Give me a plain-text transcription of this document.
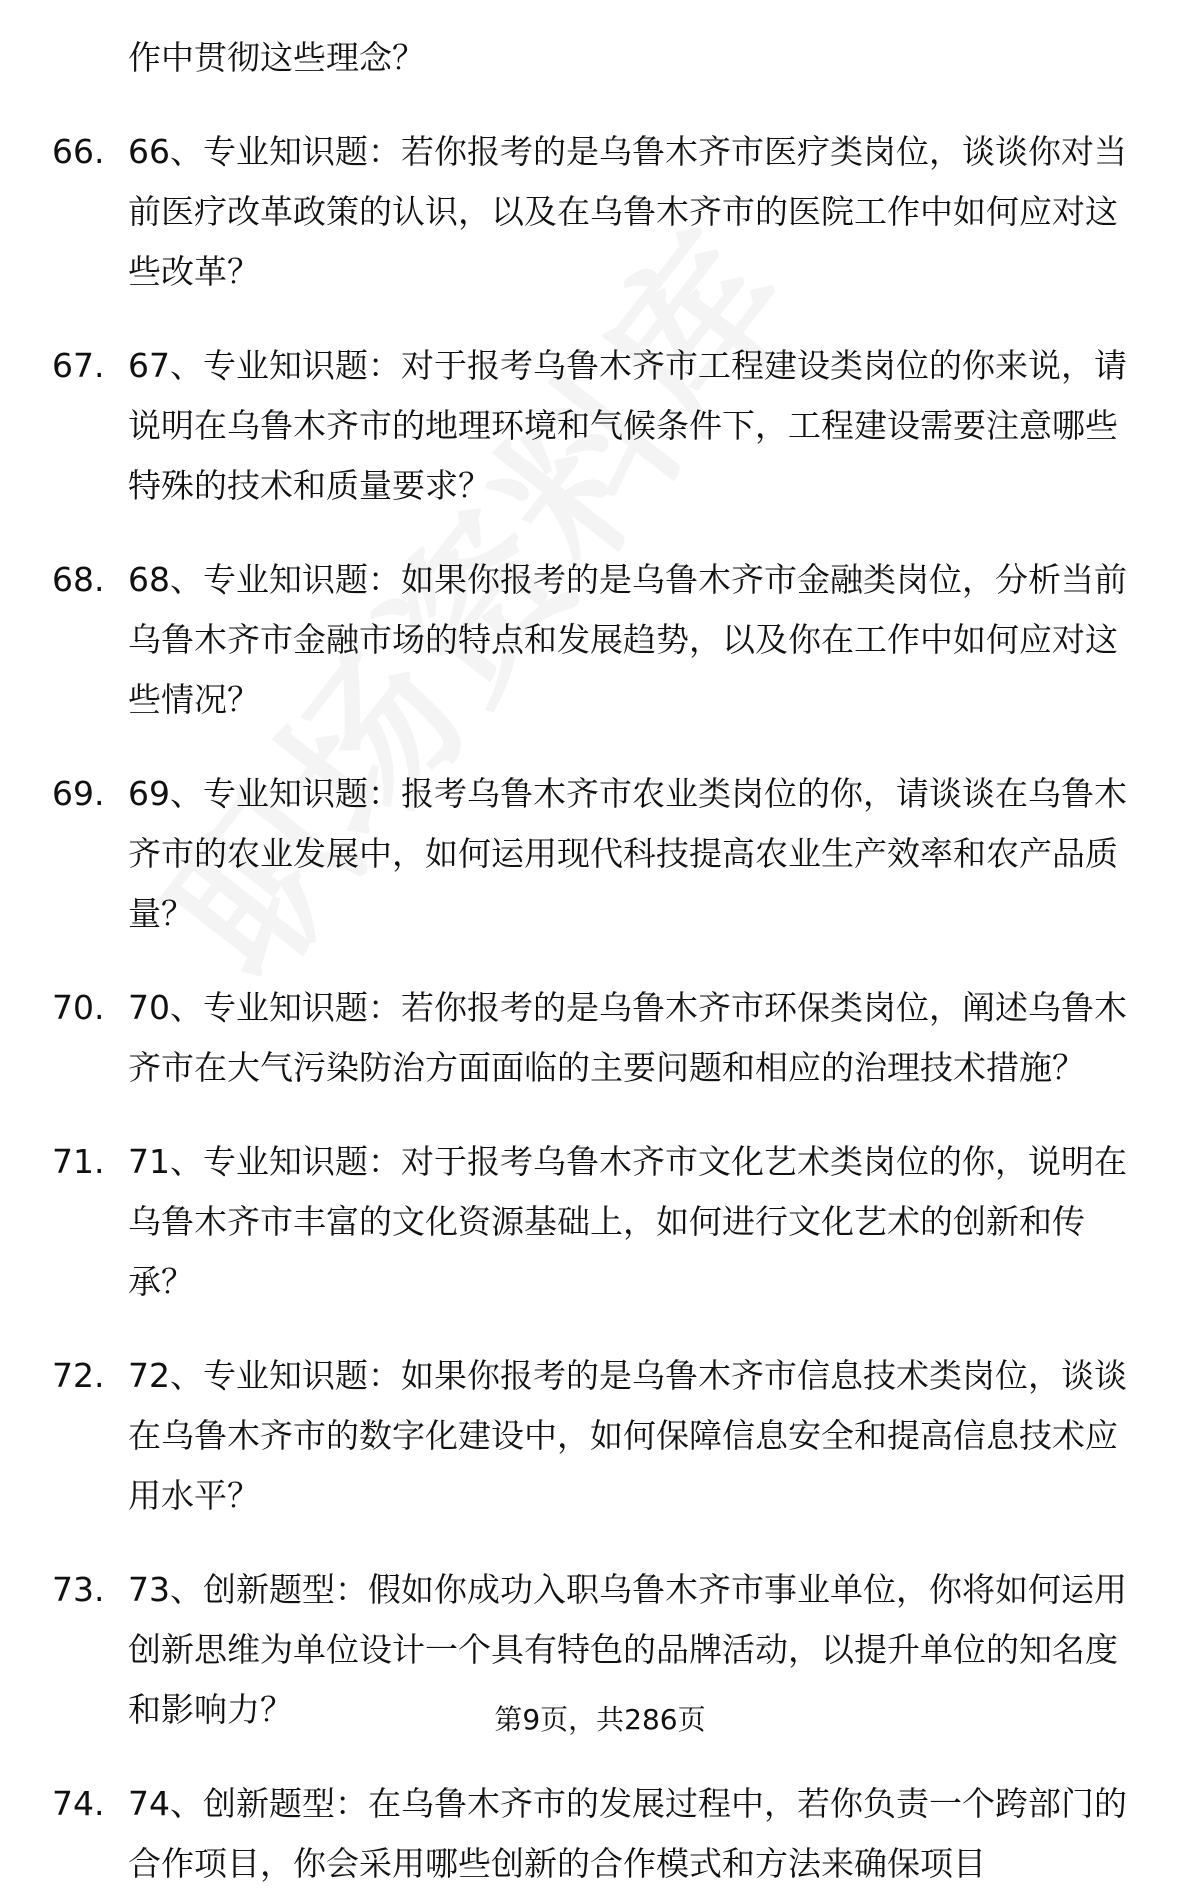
作中贯彻这些理念？
66. 66、专业知识题：若你报考的是乌鲁木齐市医疗类岗位，谈谈你对当前医疗改革政策的认识，以及在乌鲁木齐市的医院工作中如何应对这些改革？
67. 67、专业知识题：对于报考乌鲁木齐市工程建设类岗位的你来说，请说明在乌鲁木齐市的地理环境和气候条件下，工程建设需要注意哪些特殊的技术和质量要求？
68. 68、专业知识题：如果你报考的是乌鲁木齐市金融类岗位，分析当前乌鲁木齐市金融市场的特点和发展趋势，以及你在工作中如何应对这些情况？
69. 69、专业知识题：报考乌鲁木齐市农业类岗位的你，请谈谈在乌鲁木齐市的农业发展中，如何运用现代科技提高农业生产效率和农产品质量？
70. 70、专业知识题：若你报考的是乌鲁木齐市环保类岗位，阐述乌鲁木齐市在大气污染防治方面面临的主要问题和相应的治理技术措施？
71. 71、专业知识题：对于报考乌鲁木齐市文化艺术类岗位的你，说明在乌鲁木齐市丰富的文化资源基础上，如何进行文化艺术的创新和传承？
72. 72、专业知识题：如果你报考的是乌鲁木齐市信息技术类岗位，谈谈在乌鲁木齐市的数字化建设中，如何保障信息安全和提高信息技术应用水平？
73. 73、创新题型：假如你成功入职乌鲁木齐市事业单位，你将如何运用创新思维为单位设计一个具有特色的品牌活动，以提升单位的知名度和影响力？
74. 74、创新题型：在乌鲁木齐市的发展过程中，若你负责一个跨部门的合作项目，你会采用哪些创新的合作模式和方法来确保项目
第9页，共286页
